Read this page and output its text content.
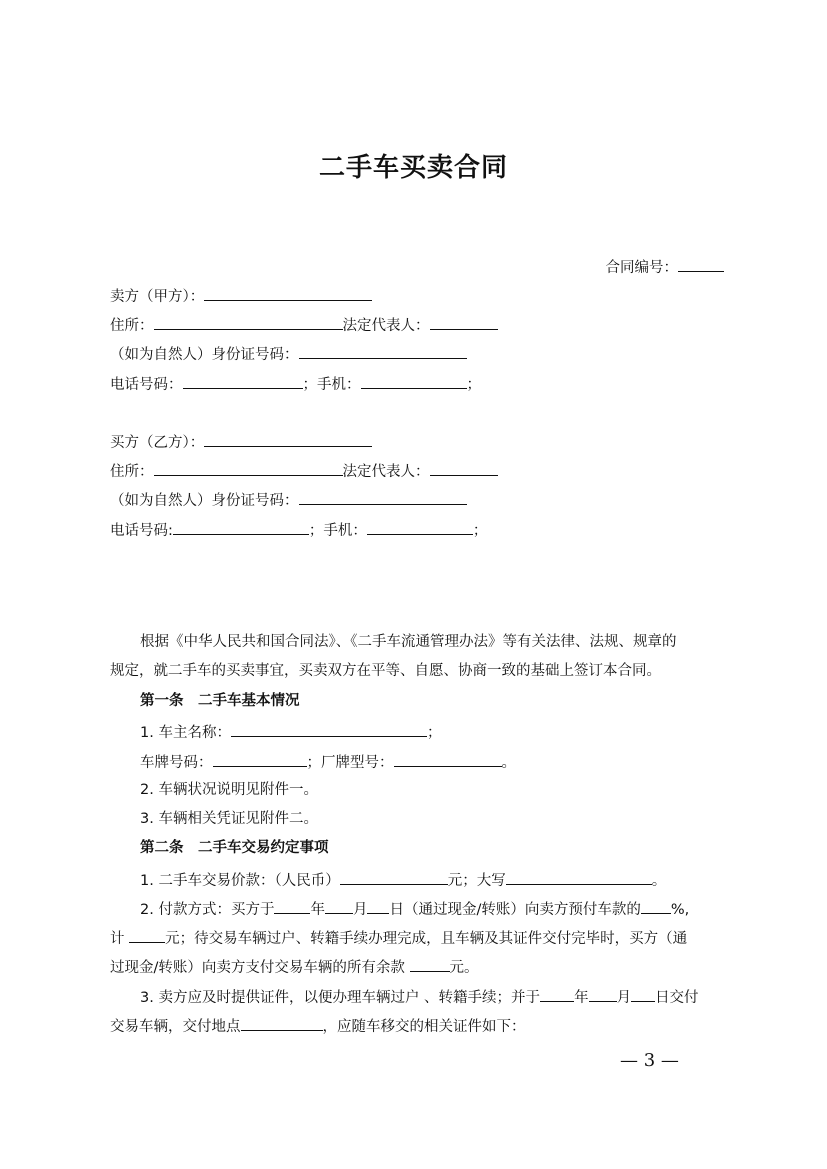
二手车买卖合同
合同编号：
卖方（甲方）：
住所：	法定代表人：
（如为自然人）身份证号码：
电话号码：	；手机：	；
买方（乙方）：
住所：	法定代表人：
（如为自然人）身份证号码：
电话号码:	；手机：	；
根据《中华人民共和国合同法》、《二手车流通管理办法》等有关法律、法规、规章的
规定，就二手车的买卖事宜，买卖双方在平等、自愿、协商一致的基础上签订本合同。
第一条　二手车基本情况
1. 车主名称：	；
车牌号码：	；厂牌型号：	。
2. 车辆状况说明见附件一。
3. 车辆相关凭证见附件二。
第二条　二手车交易约定事项
1. 二手车交易价款：（人民币）	元；大写	。
2. 付款方式：买方于 年 月 日（通过现金/转账）向卖方预付车款的 %,
计 元；待交易车辆过户、转籍手续办理完成，且车辆及其证件交付完毕时，买方（通
过现金/转账）向卖方支付交易车辆的所有余款	元。
3. 卖方应及时提供证件，以便办理车辆过户 、转籍手续；并于 年 月 日交付
交易车辆，交付地点	，应随车移交的相关证件如下：
— 3 —
